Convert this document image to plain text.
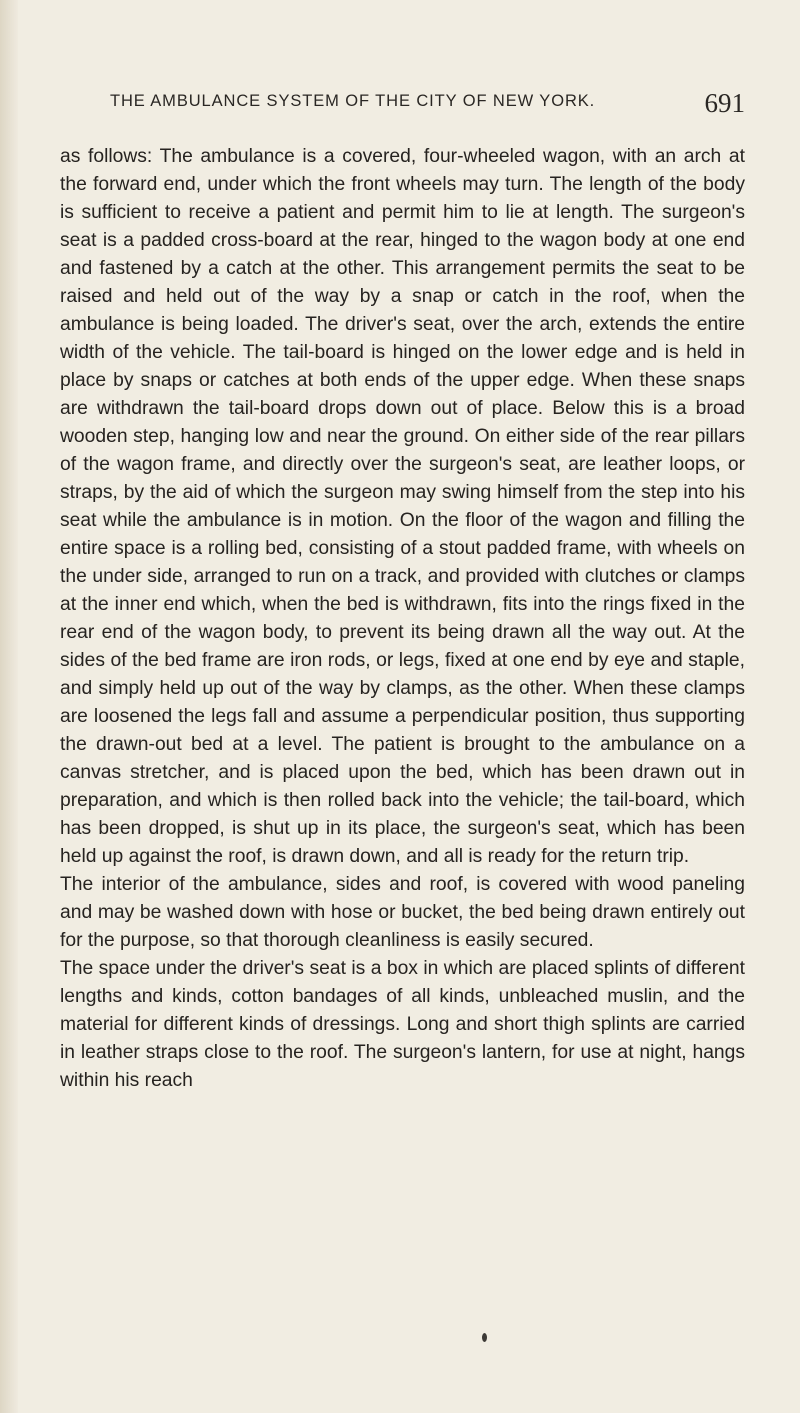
THE AMBULANCE SYSTEM OF THE CITY OF NEW YORK.	691

as follows: The ambulance is a covered, four-wheeled wagon, with an arch at the forward end, under which the front wheels may turn. The length of the body is sufficient to receive a patient and permit him to lie at length. The surgeon's seat is a padded cross-board at the rear, hinged to the wagon body at one end and fastened by a catch at the other. This arrangement permits the seat to be raised and held out of the way by a snap or catch in the roof, when the ambulance is being loaded. The driver's seat, over the arch, extends the entire width of the vehicle. The tail-board is hinged on the lower edge and is held in place by snaps or catches at both ends of the upper edge. When these snaps are withdrawn the tail-board drops down out of place. Below this is a broad wooden step, hanging low and near the ground. On either side of the rear pillars of the wagon frame, and directly over the surgeon's seat, are leather loops, or straps, by the aid of which the surgeon may swing himself from the step into his seat while the ambulance is in motion. On the floor of the wagon and filling the entire space is a rolling bed, consisting of a stout padded frame, with wheels on the under side, arranged to run on a track, and provided with clutches or clamps at the inner end which, when the bed is withdrawn, fits into the rings fixed in the rear end of the wagon body, to prevent its being drawn all the way out. At the sides of the bed frame are iron rods, or legs, fixed at one end by eye and staple, and simply held up out of the way by clamps, as the other. When these clamps are loosened the legs fall and assume a perpendicular position, thus supporting the drawn-out bed at a level. The patient is brought to the ambulance on a canvas stretcher, and is placed upon the bed, which has been drawn out in preparation, and which is then rolled back into the vehicle; the tail-board, which has been dropped, is shut up in its place, the surgeon's seat, which has been held up against the roof, is drawn down, and all is ready for the return trip.

The interior of the ambulance, sides and roof, is covered with wood paneling and may be washed down with hose or bucket, the bed being drawn entirely out for the purpose, so that thorough cleanliness is easily secured.

The space under the driver's seat is a box in which are placed splints of different lengths and kinds, cotton bandages of all kinds, unbleached muslin, and the material for different kinds of dressings. Long and short thigh splints are carried in leather straps close to the roof. The surgeon's lantern, for use at night, hangs within his reach
